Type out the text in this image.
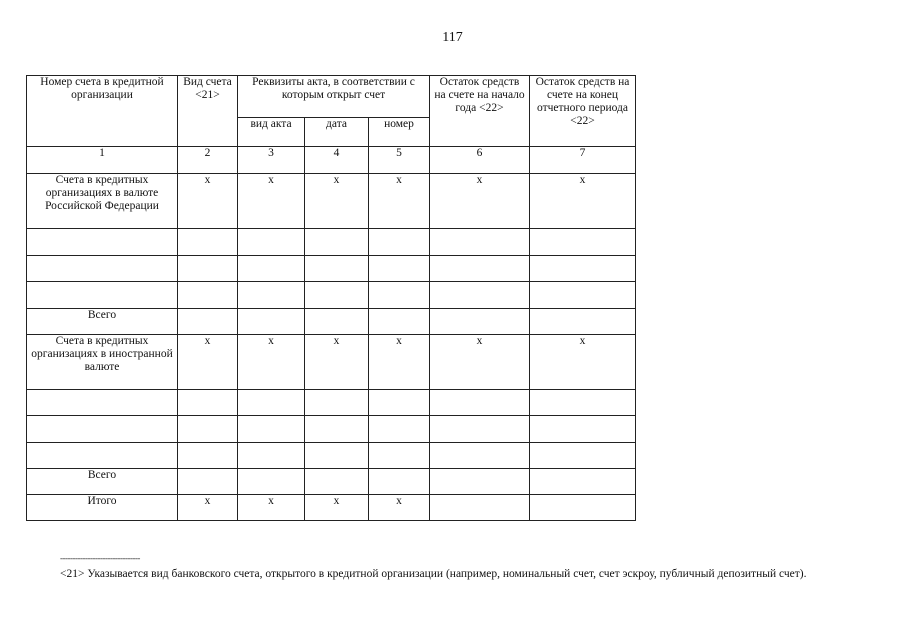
117
Номер счета в кредитной организации	Вид счета <21>	Реквизиты акта, в соответствии с которым открыт счет			Остаток средств на счете на начало года <22>	Остаток средств на счете на конец отчетного периода <22>
		вид акта	дата	номер		
1	2	3	4	5	6	7
Счета в кредитных организациях в валюте Российской Федерации	х	х	х	х	х	х

Всего						
Счета в кредитных организациях в иностранной валюте	х	х	х	х	х	х

Всего						
Итого	х	х	х	х		
--------------------------------
<21> Указывается вид банковского счета, открытого в кредитной организации (например, номинальный счет, счет эскроу, публичный депозитный счет).
